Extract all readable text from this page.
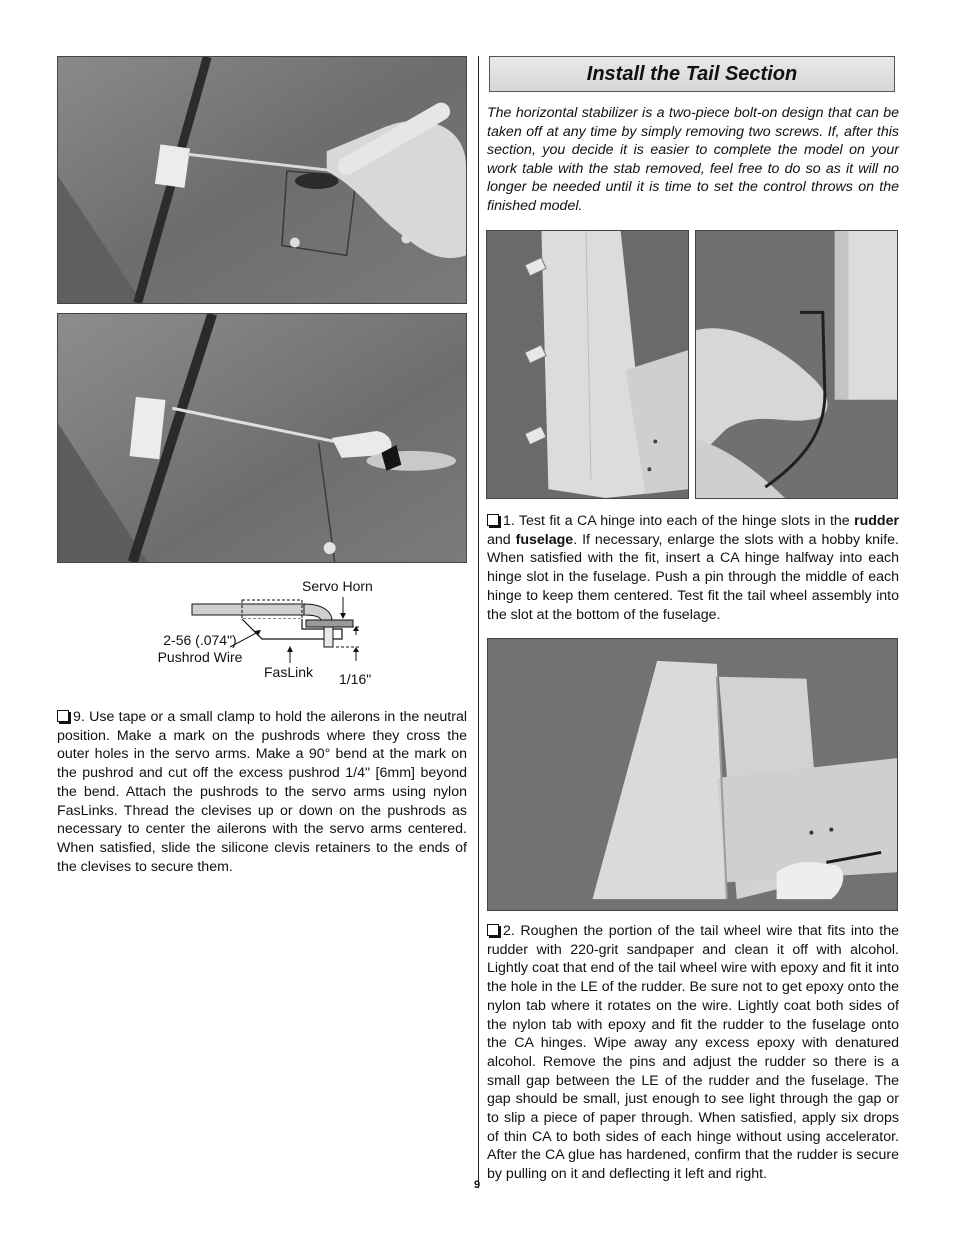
Servo Horn
2-56 (.074")
Pushrod Wire
FasLink 1/16"
9. Use tape or a small clamp to hold the ailerons in the neutral position. Make a mark on the pushrods where they cross the outer holes in the servo arms. Make a 90° bend at the mark on the pushrod and cut off the excess pushrod 1/4" [6mm] beyond the bend. Attach the pushrods to the servo arms using nylon FasLinks. Thread the clevises up or down on the pushrods as necessary to center the ailerons with the servo arms centered. When satisfied, slide the silicone clevis retainers to the ends of the clevises to secure them.
Install the Tail Section
The horizontal stabilizer is a two-piece bolt-on design that can be taken off at any time by simply removing two screws. If, after this section, you decide it is easier to complete the model on your work table with the stab removed, feel free to do so as it will no longer be needed until it is time to set the control throws on the finished model.
1. Test fit a CA hinge into each of the hinge slots in the rudder and fuselage. If necessary, enlarge the slots with a hobby knife. When satisfied with the fit, insert a CA hinge halfway into each hinge slot in the fuselage. Push a pin through the middle of each hinge to keep them centered. Test fit the tail wheel assembly into the slot at the bottom of the fuselage.
2. Roughen the portion of the tail wheel wire that fits into the rudder with 220-grit sandpaper and clean it off with alcohol. Lightly coat that end of the tail wheel wire with epoxy and fit it into the hole in the LE of the rudder. Be sure not to get epoxy onto the nylon tab where it rotates on the wire. Lightly coat both sides of the nylon tab with epoxy and fit the rudder to the fuselage onto the CA hinges. Wipe away any excess epoxy with denatured alcohol. Remove the pins and adjust the rudder so there is a small gap between the LE of the rudder and the fuselage. The gap should be small, just enough to see light through the gap or to slip a piece of paper through. When satisfied, apply six drops of thin CA to both sides of each hinge without using accelerator. After the CA glue has hardened, confirm that the rudder is secure by pulling on it and deflecting it left and right.
9
